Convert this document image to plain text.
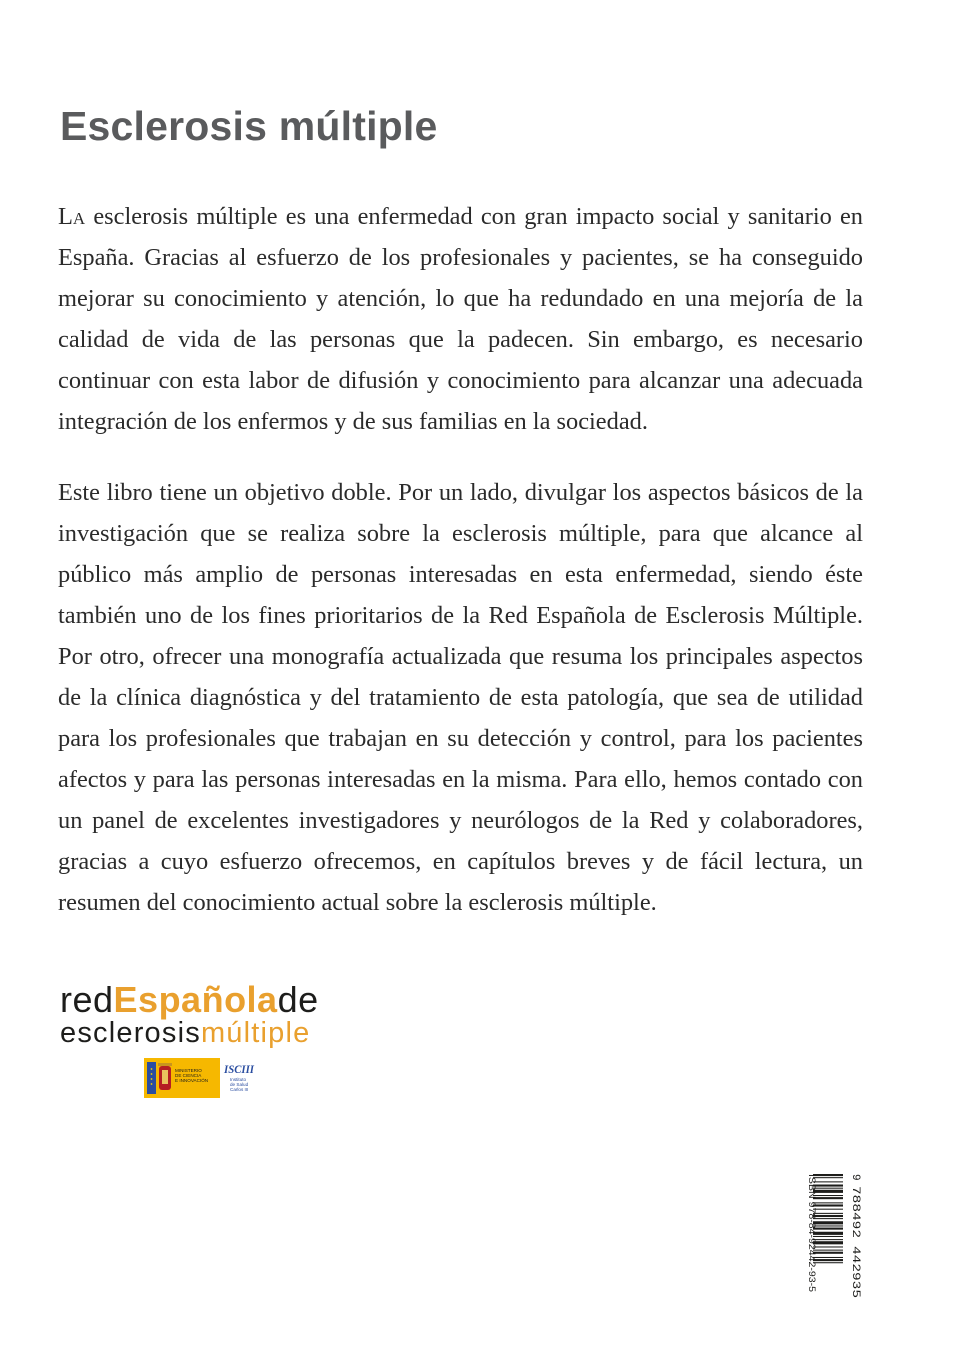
Esclerosis múltiple

La esclerosis múltiple es una enfermedad con gran impacto social y sanitario en España. Gracias al esfuerzo de los profesionales y pacientes, se ha conseguido mejorar su conocimiento y atención, lo que ha redundado en una mejoría de la calidad de vida de las personas que la padecen. Sin embargo, es necesario continuar con esta labor de difusión y conocimiento para alcanzar una adecuada integración de los enfermos y de sus familias en la sociedad.

Este libro tiene un objetivo doble. Por un lado, divulgar los aspectos básicos de la investigación que se realiza sobre la esclerosis múltiple, para que alcance al público más amplio de personas interesadas en esta enfermedad, siendo éste también uno de los fines prioritarios de la Red Española de Esclerosis Múltiple. Por otro, ofrecer una monografía actualizada que resuma los principales aspectos de la clínica diagnóstica y del tratamiento de esta patología, que sea de utilidad para los profesionales que trabajan en su detección y control, para los pacientes afectos y para las personas interesadas en la misma. Para ello, hemos contado con un panel de excelentes investigadores y neurólogos de la Red y colaboradores, gracias a cuyo esfuerzo ofrecemos, en capítulos breves y de fácil lectura, un resumen del conocimiento actual sobre la esclerosis múltiple.

redEspañolade
esclerosismúltiple
MINISTERIO
DE CIENCIA
E INNOVACIÓN
ISCIII
Instituto
de Salud
Carlos III
ISBN 978-84-92442-93-5	9
788492
442935
